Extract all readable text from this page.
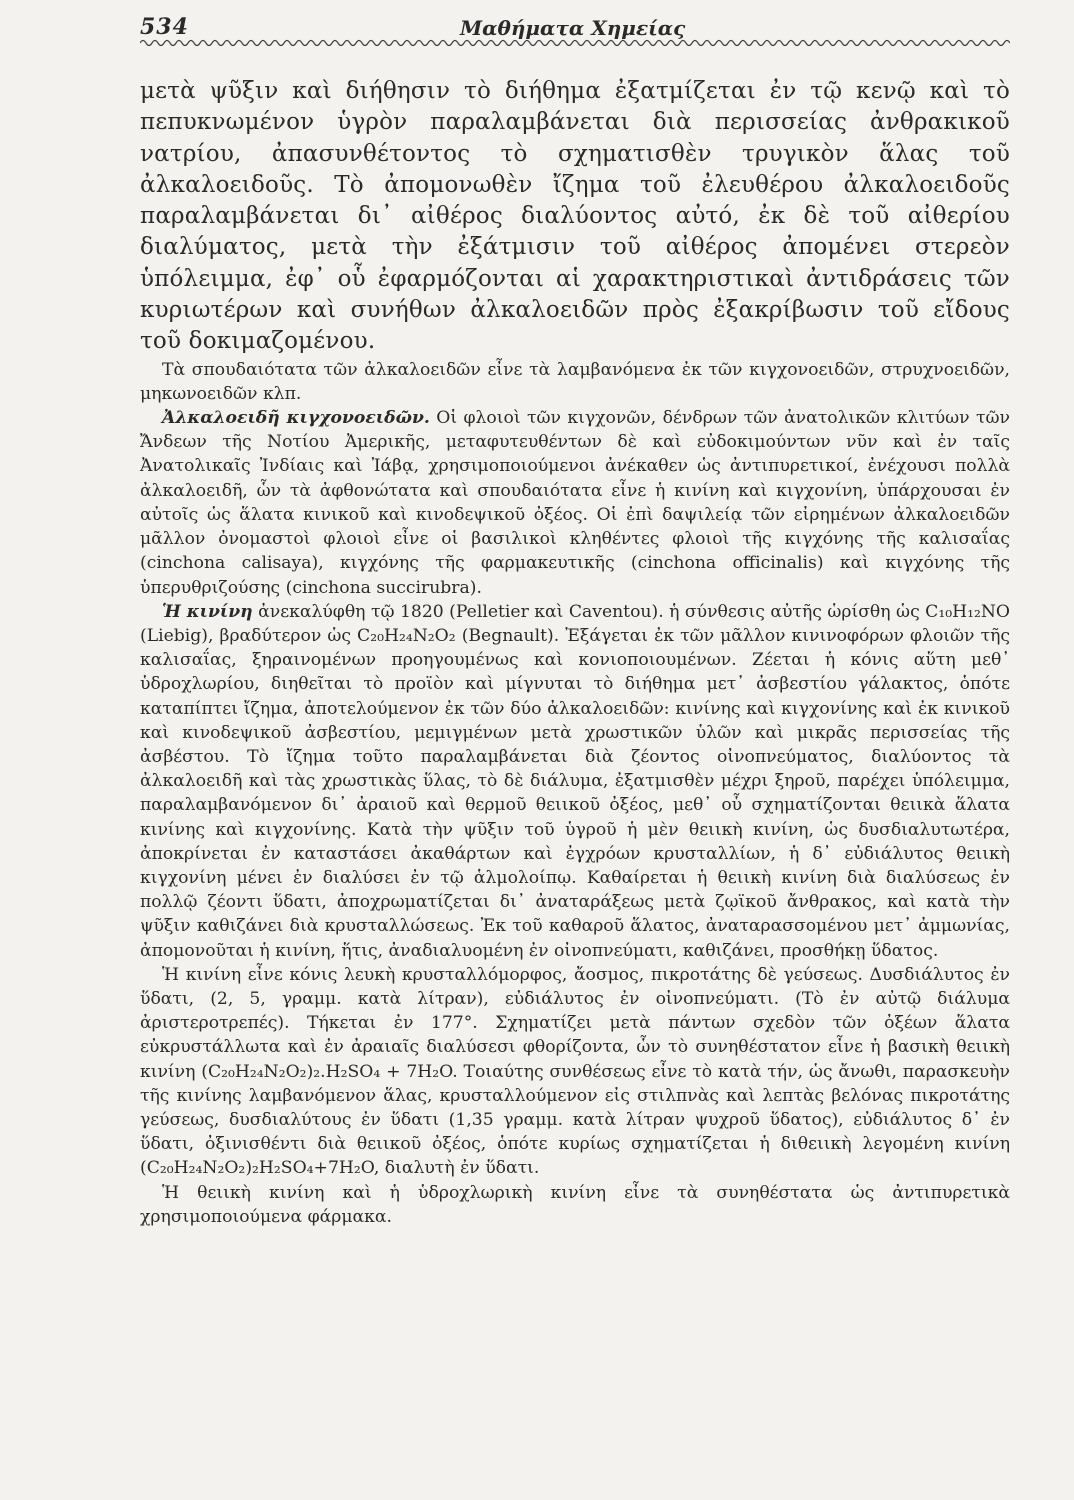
534	Μαθήματα Χημείας

μετὰ ψῦξιν καὶ διήθησιν τὸ διήθημα ἐξατμίζεται ἐν τῷ κενῷ καὶ τὸ πεπυκνωμένον ὑγρὸν παραλαμβάνεται διὰ περισσείας ἀνθρακικοῦ νατρίου, ἀπασυνθέτοντος τὸ σχηματισθὲν τρυγικὸν ἅλας τοῦ ἀλκαλοειδοῦς. Τὸ ἀπομονωθὲν ἴζημα τοῦ ἐλευθέρου ἀλκαλοειδοῦς παραλαμβάνεται δι᾽ αἰθέρος διαλύοντος αὐτό, ἐκ δὲ τοῦ αἰθερίου διαλύματος, μετὰ τὴν ἐξάτμισιν τοῦ αἰθέρος ἀπομένει στερεὸν ὑπόλειμμα, ἐφ᾽ οὗ ἐφαρμόζονται αἱ χαρακτηριστικαὶ ἀντιδράσεις τῶν κυριωτέρων καὶ συνήθων ἀλκαλοειδῶν πρὸς ἐξακρίβωσιν τοῦ εἴδους τοῦ δοκιμαζομένου.

Τὰ σπουδαιότατα τῶν ἀλκαλοειδῶν εἶνε τὰ λαμβανόμενα ἐκ τῶν κιγχονοειδῶν, στρυχνοειδῶν, μηκωνοειδῶν κλπ.

Ἀλκαλοειδῆ κιγχονοειδῶν. Οἱ φλοιοὶ τῶν κιγχονῶν, δένδρων τῶν ἀνατολικῶν κλιτύων τῶν Ἄνδεων τῆς Νοτίου Ἀμερικῆς, μεταφυτευθέντων δὲ καὶ εὐδοκιμούντων νῦν καὶ ἐν ταῖς Ἀνατολικαῖς Ἰνδίαις καὶ Ἰάβᾳ, χρησιμοποιούμενοι ἀνέκαθεν ὡς ἀντιπυρετικοί, ἐνέχουσι πολλὰ ἀλκαλοειδῆ, ὧν τὰ ἀφθονώτατα καὶ σπουδαιότατα εἶνε ἡ κινίνη καὶ κιγχονίνη, ὑπάρχουσαι ἐν αὐτοῖς ὡς ἅλατα κινικοῦ καὶ κινοδεψικοῦ ὀξέος. Οἱ ἐπὶ δαψιλείᾳ τῶν εἰρημένων ἀλκαλοειδῶν μᾶλλον ὀνομαστοὶ φλοιοὶ εἶνε οἱ βασιλικοὶ κληθέντες φλοιοὶ τῆς κιγχόνης τῆς καλισαΐας (cinchona calisaya), κιγχόνης τῆς φαρμακευτικῆς (cinchona officinalis) καὶ κιγχόνης τῆς ὑπερυθριζούσης (cinchona succirubra).

Ἡ κινίνη ἀνεκαλύφθη τῷ 1820 (Pelletier καὶ Caventou). ἡ σύνθεσις αὐτῆς ὡρίσθη ὡς C₁₀H₁₂NO (Liebig), βραδύτερον ὡς C₂₀H₂₄N₂O₂ (Begnault). Ἐξάγεται ἐκ τῶν μᾶλλον κινινοφόρων φλοιῶν τῆς καλισαΐας, ξηραινομένων προηγουμένως καὶ κονιοποιουμένων. Ζέεται ἡ κόνις αὕτη μεθ᾽ ὑδροχλωρίου, διηθεῖται τὸ προϊὸν καὶ μίγνυται τὸ διήθημα μετ᾽ ἀσβεστίου γάλακτος, ὁπότε καταπίπτει ἴζημα, ἀποτελούμενον ἐκ τῶν δύο ἀλκαλοειδῶν: κινίνης καὶ κιγχονίνης καὶ ἐκ κινικοῦ καὶ κινοδεψικοῦ ἀσβεστίου, μεμιγμένων μετὰ χρωστικῶν ὑλῶν καὶ μικρᾶς περισσείας τῆς ἀσβέστου. Τὸ ἴζημα τοῦτο παραλαμβάνεται διὰ ζέοντος οἰνοπνεύματος, διαλύοντος τὰ ἀλκαλοειδῆ καὶ τὰς χρωστικὰς ὕλας, τὸ δὲ διάλυμα, ἐξατμισθὲν μέχρι ξηροῦ, παρέχει ὑπόλειμμα, παραλαμβανόμενον δι᾽ ἀραιοῦ καὶ θερμοῦ θειικοῦ ὀξέος, μεθ᾽ οὗ σχηματίζονται θειικὰ ἅλατα κινίνης καὶ κιγχονίνης. Κατὰ τὴν ψῦξιν τοῦ ὑγροῦ ἡ μὲν θειικὴ κινίνη, ὡς δυσδιαλυτωτέρα, ἀποκρίνεται ἐν καταστάσει ἀκαθάρτων καὶ ἐγχρόων κρυσταλλίων, ἡ δ᾽ εὐδιάλυτος θειικὴ κιγχονίνη μένει ἐν διαλύσει ἐν τῷ ἁλμολοίπῳ. Καθαίρεται ἡ θειικὴ κινίνη διὰ διαλύσεως ἐν πολλῷ ζέοντι ὕδατι, ἀποχρωματίζεται δι᾽ ἀναταράξεως μετὰ ζῳϊκοῦ ἄνθρακος, καὶ κατὰ τὴν ψῦξιν καθιζάνει διὰ κρυσταλλώσεως. Ἐκ τοῦ καθαροῦ ἅλατος, ἀναταρασσομένου μετ᾽ ἀμμωνίας, ἀπομονοῦται ἡ κινίνη, ἥτις, ἀναδιαλυομένη ἐν οἰνοπνεύματι, καθιζάνει, προσθήκῃ ὕδατος.

Ἡ κινίνη εἶνε κόνις λευκὴ κρυσταλλόμορφος, ἄοσμος, πικροτάτης δὲ γεύσεως. Δυσδιάλυτος ἐν ὕδατι, (2, 5, γραμμ. κατὰ λίτραν), εὐδιάλυτος ἐν οἰνοπνεύματι. (Τὸ ἐν αὐτῷ διάλυμα ἀριστεροτρεπές). Τήκεται ἐν 177°. Σχηματίζει μετὰ πάντων σχεδὸν τῶν ὀξέων ἅλατα εὐκρυστάλλωτα καὶ ἐν ἀραιαῖς διαλύσεσι φθορίζοντα, ὧν τὸ συνηθέστατον εἶνε ἡ βασικὴ θειικὴ κινίνη (C₂₀H₂₄N₂O₂)₂.H₂SO₄ + 7H₂O. Τοιαύτης συνθέσεως εἶνε τὸ κατὰ τήν, ὡς ἄνωθι, παρασκευὴν τῆς κινίνης λαμβανόμενον ἅλας, κρυσταλλούμενον εἰς στιλπνὰς καὶ λεπτὰς βελόνας πικροτάτης γεύσεως, δυσδιαλύτους ἐν ὕδατι (1,35 γραμμ. κατὰ λίτραν ψυχροῦ ὕδατος), εὐδιάλυτος δ᾽ ἐν ὕδατι, ὀξινισθέντι διὰ θειικοῦ ὀξέος, ὁπότε κυρίως σχηματίζεται ἡ διθειικὴ λεγομένη κινίνη (C₂₀H₂₄N₂O₂)₂H₂SO₄+7H₂O, διαλυτὴ ἐν ὕδατι.

Ἡ θειικὴ κινίνη καὶ ἡ ὑδροχλωρικὴ κινίνη εἶνε τὰ συνηθέστατα ὡς ἀντιπυρετικὰ χρησιμοποιούμενα φάρμακα.
